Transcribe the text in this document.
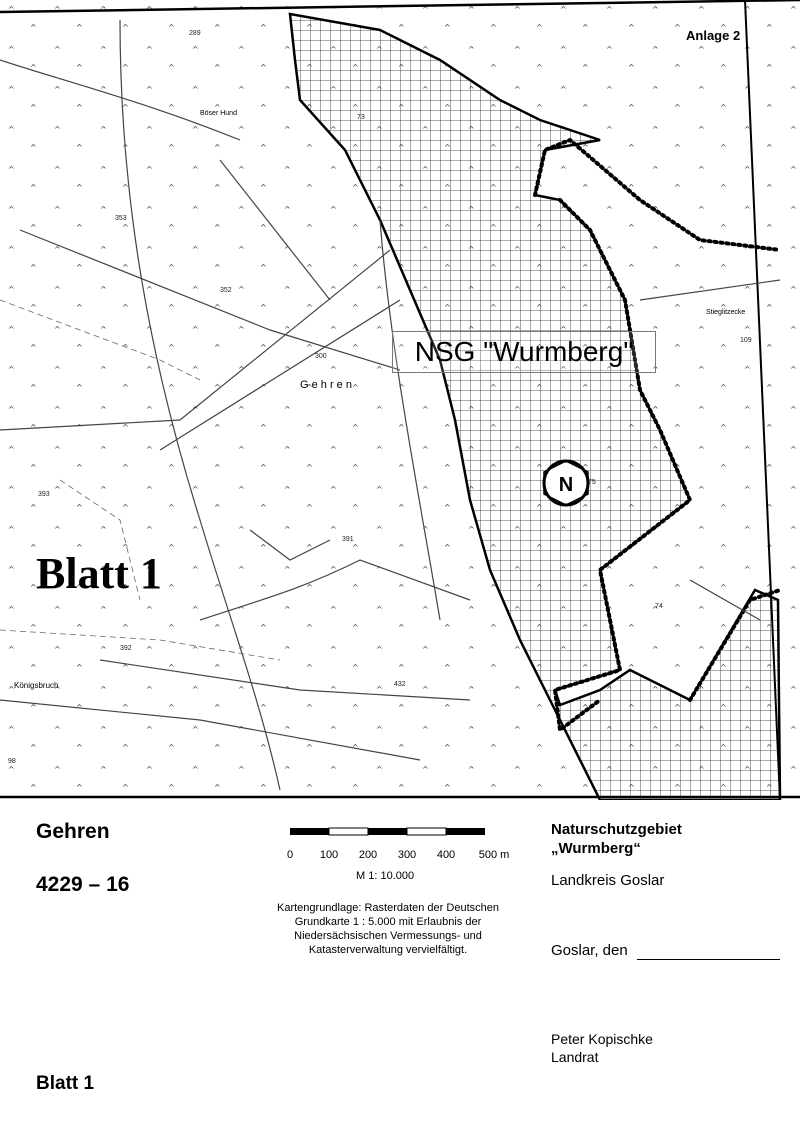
N
G e h r e n
Königsbruch
Stieglitzecke
Böser Hund
289
353
352
300
393
391
392
432
98
75
74
73
109
Anlage 2
NSG "Wurmberg"
Blatt 1
Gehren
4229 – 16
Blatt 1
0 100 200 300 400 500 m
M 1: 10.000
Kartengrundlage: Rasterdaten der Deutschen Grundkarte 1 : 5.000 mit Erlaubnis der Niedersächsischen Vermessungs- und Katasterverwaltung vervielfältigt.
Naturschutzgebiet
„Wurmberg“
Landkreis Goslar
Goslar, den
Peter Kopischke
Landrat
